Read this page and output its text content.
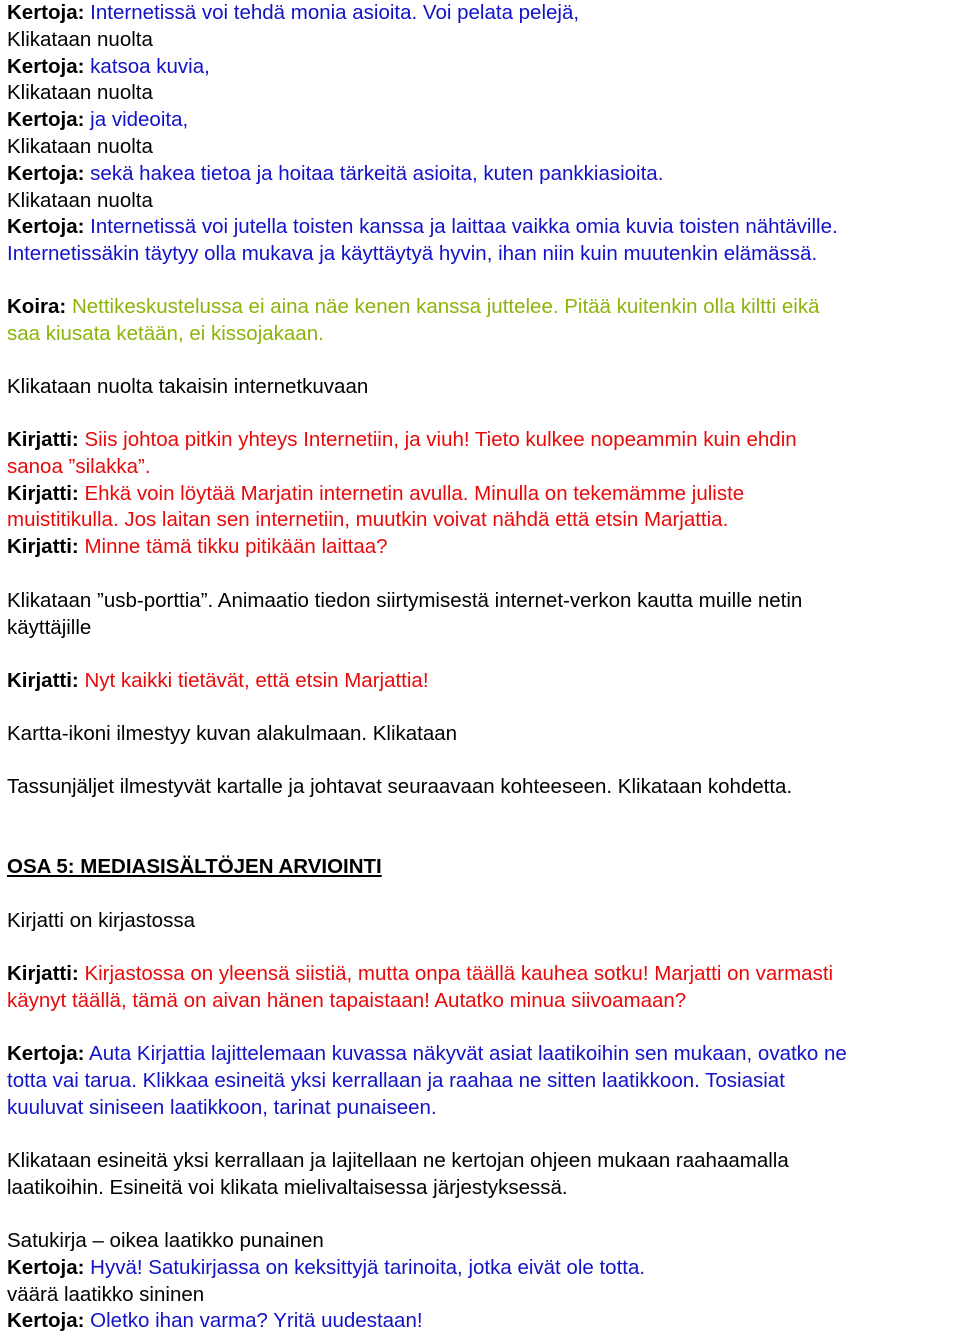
Kertoja: Internetissä voi tehdä monia asioita. Voi pelata pelejä,
Klikataan nuolta
Kertoja: katsoa kuvia,
Klikataan nuolta
Kertoja: ja videoita,
Klikataan nuolta
Kertoja: sekä hakea tietoa ja hoitaa tärkeitä asioita, kuten pankkiasioita.
Klikataan nuolta
Kertoja: Internetissä voi jutella toisten kanssa ja laittaa vaikka omia kuvia toisten nähtäville.
Internetissäkin täytyy olla mukava ja käyttäytyä hyvin, ihan niin kuin muutenkin elämässä.
Koira: Nettikeskustelussa ei aina näe kenen kanssa juttelee. Pitää kuitenkin olla kiltti eikä
saa kiusata ketään, ei kissojakaan.
Klikataan nuolta takaisin internetkuvaan
Kirjatti: Siis johtoa pitkin yhteys Internetiin, ja viuh! Tieto kulkee nopeammin kuin ehdin
sanoa ”silakka”.
Kirjatti: Ehkä voin löytää Marjatin internetin avulla. Minulla on tekemämme juliste
muistitikulla. Jos laitan sen internetiin, muutkin voivat nähdä että etsin Marjattia.
Kirjatti: Minne tämä tikku pitikään laittaa?
Klikataan ”usb-porttia”. Animaatio tiedon siirtymisestä internet-verkon kautta muille netin
käyttäjille
Kirjatti: Nyt kaikki tietävät, että etsin Marjattia!
Kartta-ikoni ilmestyy kuvan alakulmaan. Klikataan
Tassunjäljet ilmestyvät kartalle ja johtavat seuraavaan kohteeseen. Klikataan kohdetta.
OSA 5: MEDIASISÄLTÖJEN ARVIOINTI
Kirjatti on kirjastossa
Kirjatti: Kirjastossa on yleensä siistiä, mutta onpa täällä kauhea sotku! Marjatti on varmasti
käynyt täällä, tämä on aivan hänen tapaistaan! Autatko minua siivoamaan?
Kertoja: Auta Kirjattia lajittelemaan kuvassa näkyvät asiat laatikoihin sen mukaan, ovatko ne
totta vai tarua. Klikkaa esineitä yksi kerrallaan ja raahaa ne sitten laatikkoon. Tosiasiat
kuuluvat siniseen laatikkoon, tarinat punaiseen.
Klikataan esineitä yksi kerrallaan ja lajitellaan ne kertojan ohjeen mukaan raahaamalla
laatikoihin. Esineitä voi klikata mielivaltaisessa järjestyksessä.
Satukirja – oikea laatikko punainen
Kertoja: Hyvä! Satukirjassa on keksittyjä tarinoita, jotka eivät ole totta.
väärä laatikko sininen
Kertoja: Oletko ihan varma? Yritä uudestaan!
